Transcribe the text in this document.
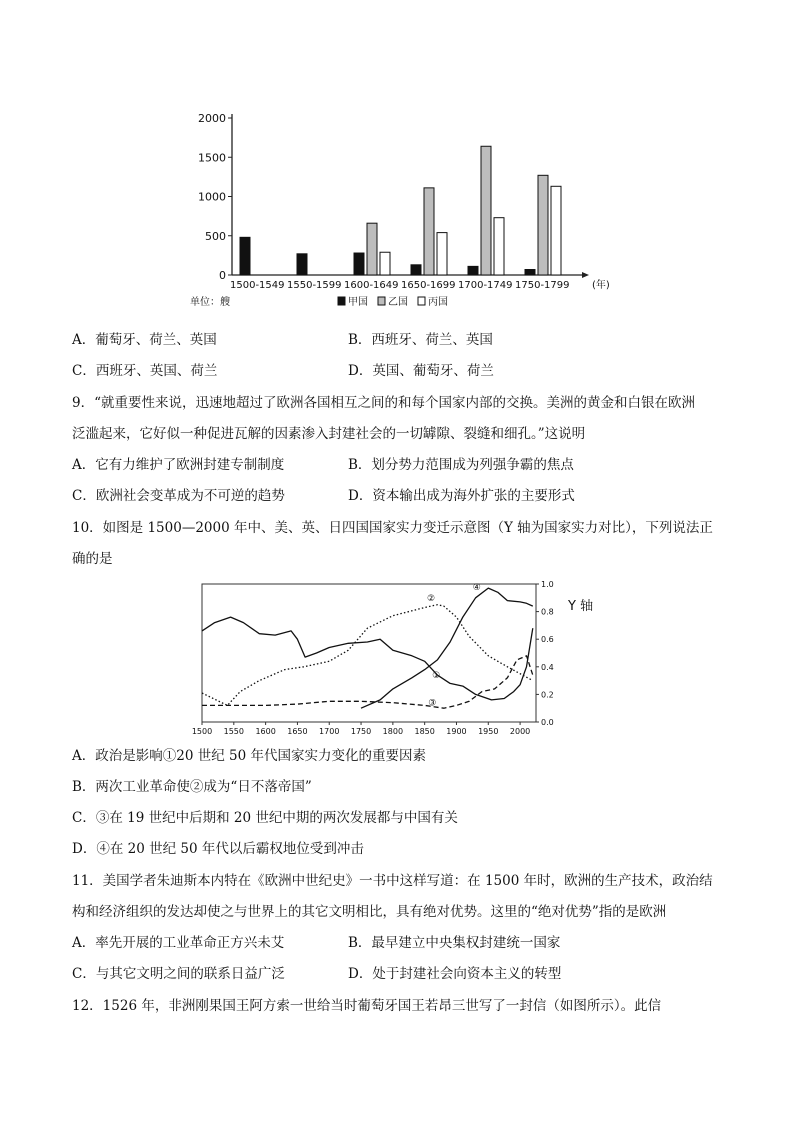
0
500
1000
1500
2000
1500-1549 1550-1599 1600-1649 1650-1699 1700-1749 1750-1799 (年)
单位：艘	甲国 乙国 丙国
A．葡萄牙、荷兰、英国	B．西班牙、荷兰、英国
C．西班牙、英国、荷兰	D．英国、葡萄牙、荷兰
9．“就重要性来说，迅速地超过了欧洲各国相互之间的和每个国家内部的交换。美洲的黄金和白银在欧洲
泛滥起来，它好似一种促进瓦解的因素渗入封建社会的一切罅隙、裂缝和细孔。”这说明
A．它有力维护了欧洲封建专制制度	B．划分势力范围成为列强争霸的焦点
C．欧洲社会变革成为不可逆的趋势	D．资本输出成为海外扩张的主要形式
10．如图是 1500—2000 年中、美、英、日四国国家实力变迁示意图（Y 轴为国家实力对比），下列说法正
确的是
1500 1550 1600 1650 1700 1750 1800 1850 1900 1950 2000
0.0
0.2
0.4
0.6
0.8
1.0
Y 轴
①
②
③
④
A．政治是影响①20 世纪 50 年代国家实力变化的重要因素
B．两次工业革命使②成为“日不落帝国”
C．③在 19 世纪中后期和 20 世纪中期的两次发展都与中国有关
D．④在 20 世纪 50 年代以后霸权地位受到冲击
11．美国学者朱迪斯本内特在《欧洲中世纪史》一书中这样写道：在 1500 年时，欧洲的生产技术，政治结
构和经济组织的发达却使之与世界上的其它文明相比，具有绝对优势。这里的“绝对优势”指的是欧洲
A．率先开展的工业革命正方兴未艾	B．最早建立中央集权封建统一国家
C．与其它文明之间的联系日益广泛	D．处于封建社会向资本主义的转型
12．1526 年，非洲刚果国王阿方索一世给当时葡萄牙国王若昂三世写了一封信（如图所示）。此信
